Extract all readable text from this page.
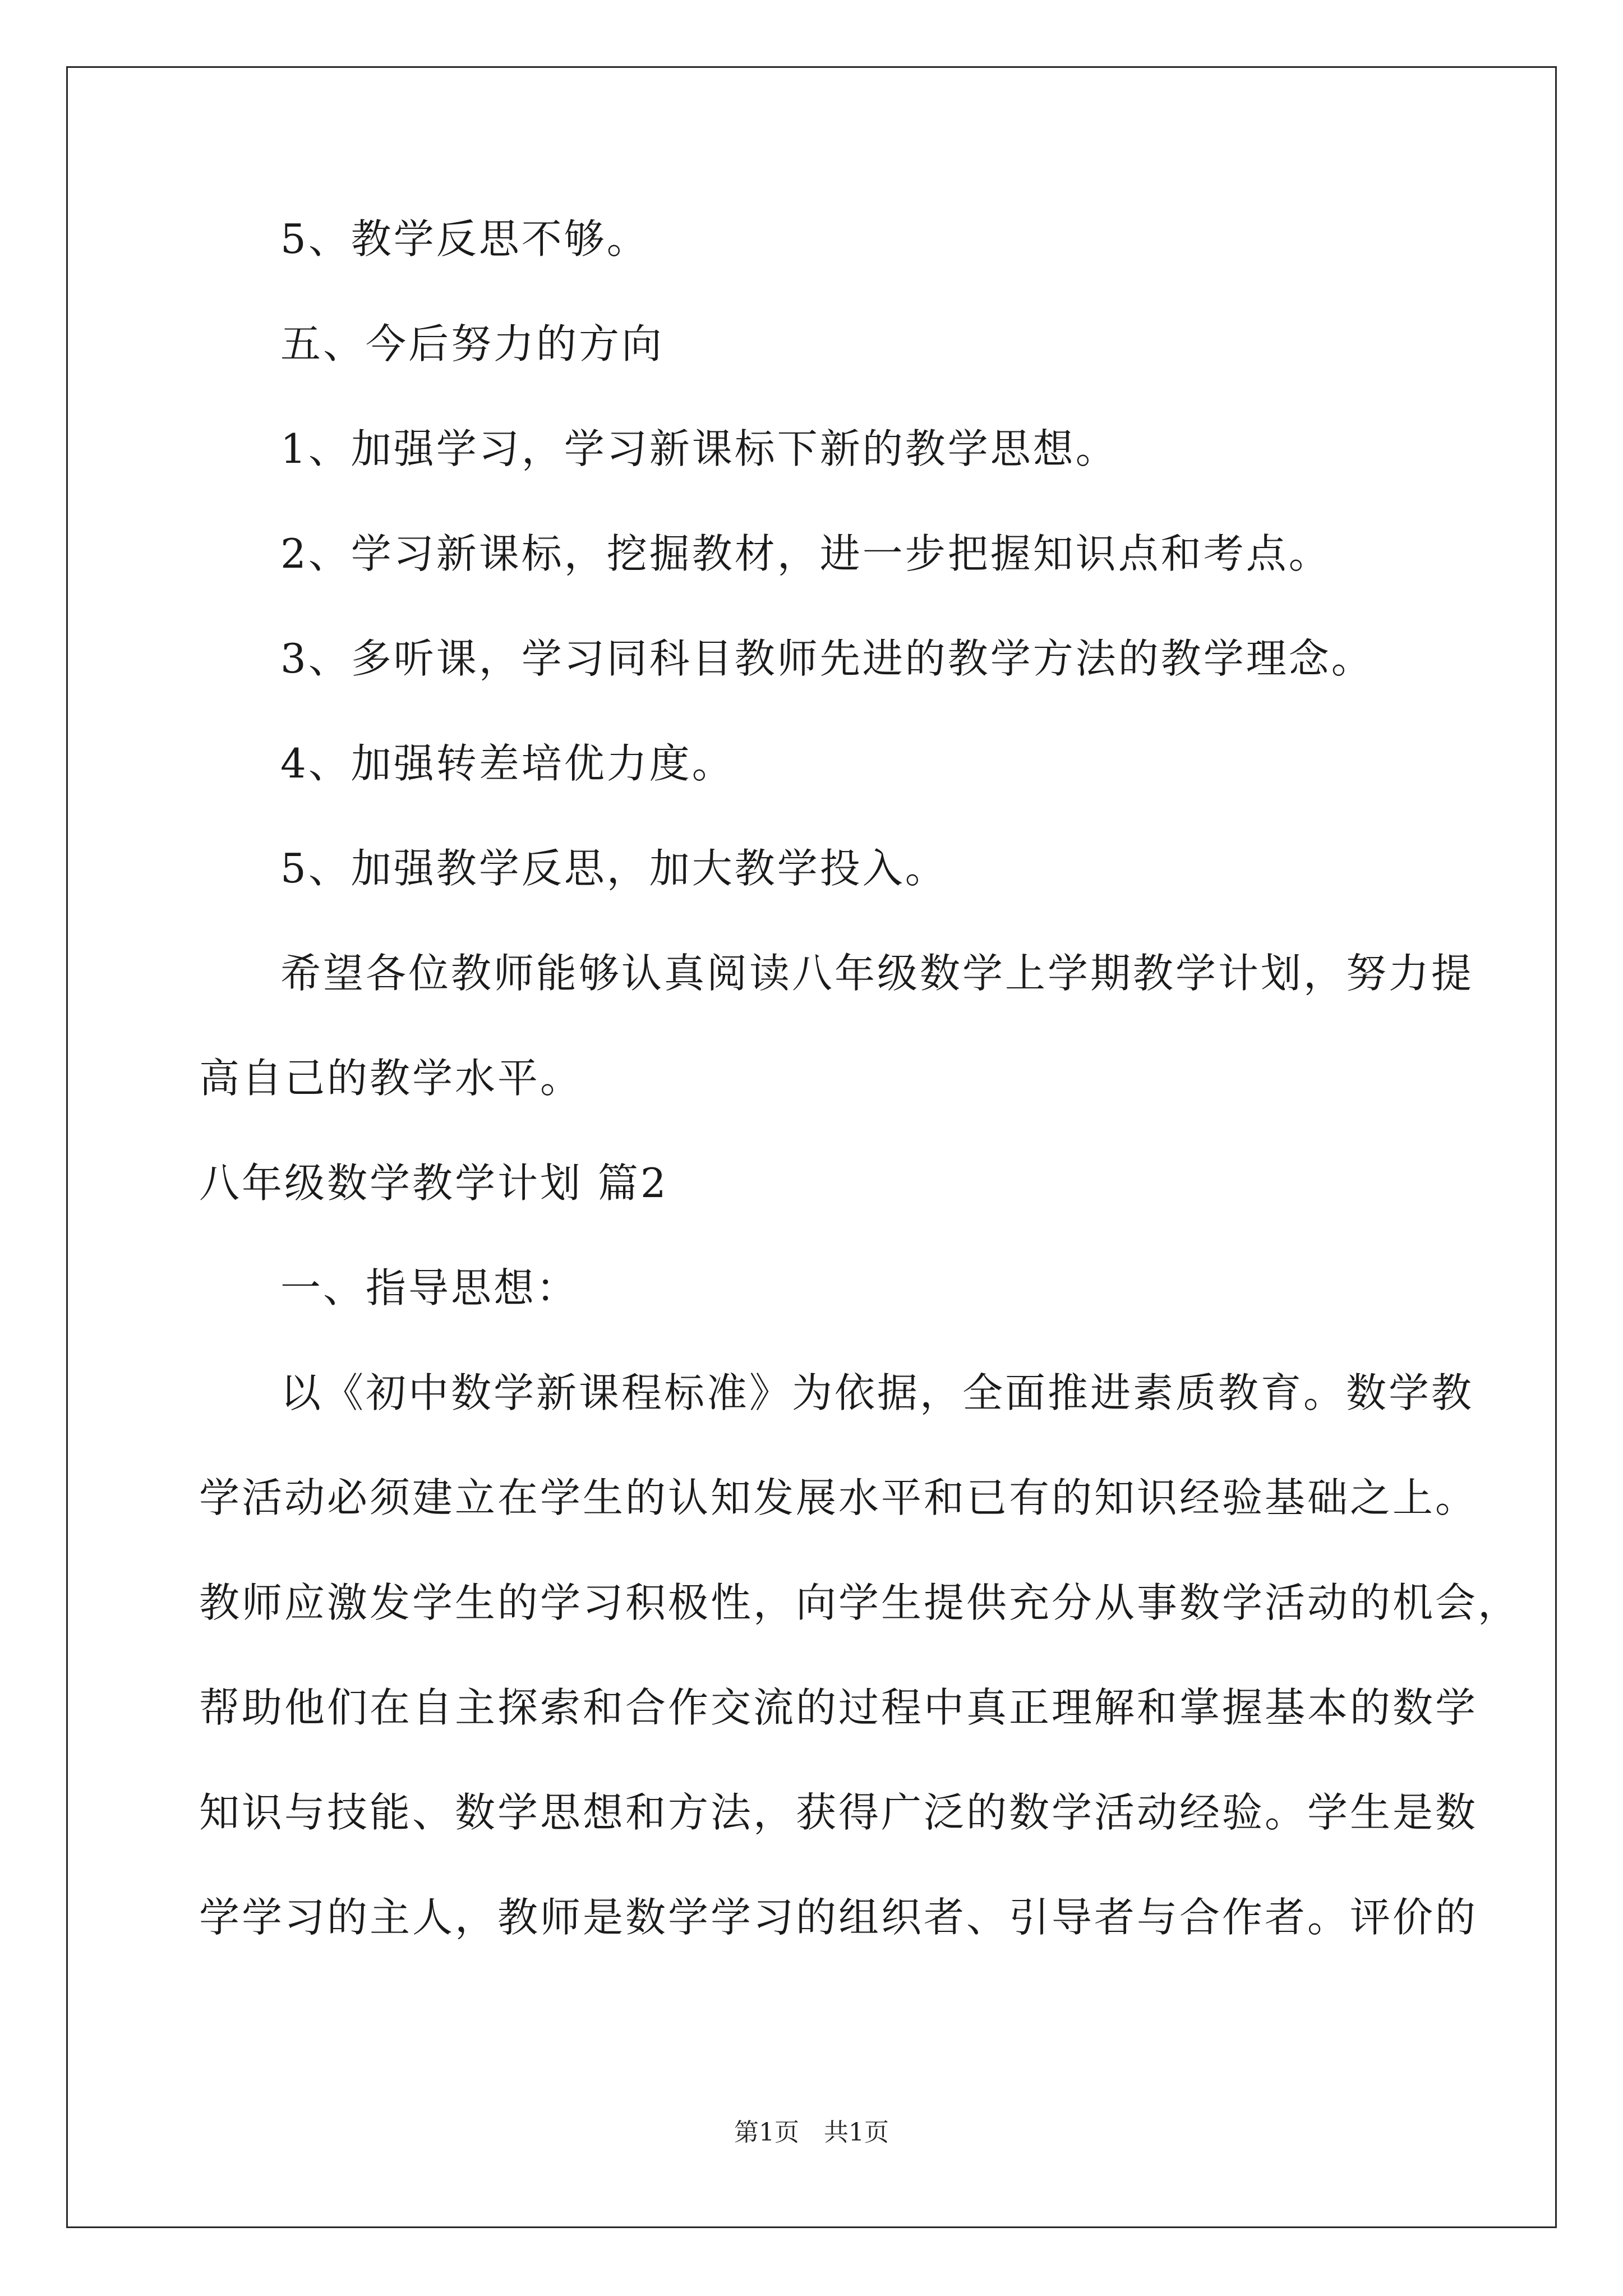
5、教学反思不够。
五、今后努力的方向
1、加强学习，学习新课标下新的教学思想。
2、学习新课标，挖掘教材，进一步把握知识点和考点。
3、多听课，学习同科目教师先进的教学方法的教学理念。
4、加强转差培优力度。
5、加强教学反思，加大教学投入。
希望各位教师能够认真阅读八年级数学上学期教学计划，努力提
高自己的教学水平。
八年级数学教学计划 篇2
一、指导思想：
以《初中数学新课程标准》为依据，全面推进素质教育。数学教
学活动必须建立在学生的认知发展水平和已有的知识经验基础之上。
教师应激发学生的学习积极性，向学生提供充分从事数学活动的机会，
帮助他们在自主探索和合作交流的过程中真正理解和掌握基本的数学
知识与技能、数学思想和方法，获得广泛的数学活动经验。学生是数
学学习的主人，教师是数学学习的组织者、引导者与合作者。评价的
第1页　共1页
